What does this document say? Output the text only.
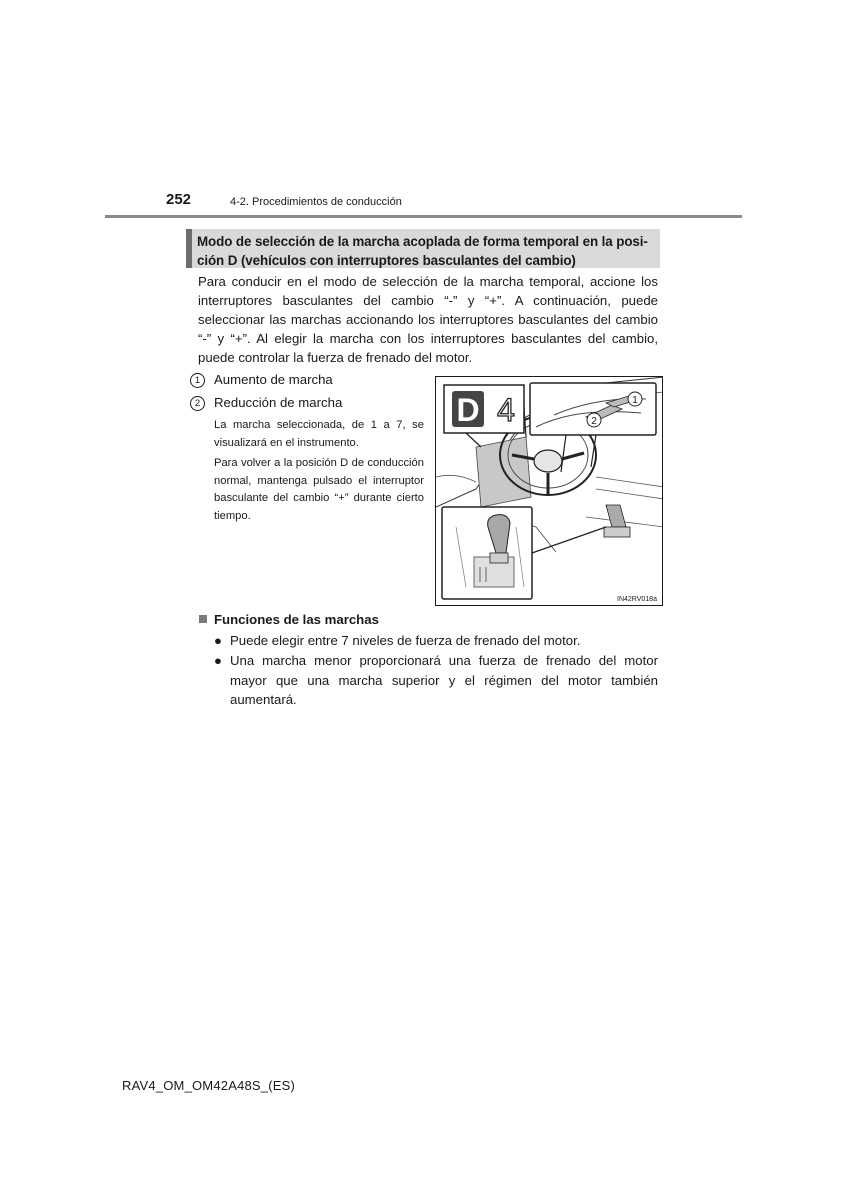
252	4-2. Procedimientos de conducción
Modo de selección de la marcha acoplada de forma temporal en la posi-
ción D (vehículos con interruptores basculantes del cambio)

Para conducir en el modo de selección de la marcha temporal, accione los interruptores basculantes del cambio “-” y “+”. A continuación, puede seleccionar las marchas accionando los interruptores basculantes del cambio “-” y “+”. Al elegir la marcha con los interruptores basculantes del cambio, puede controlar la fuerza de frenado del motor.

1 Aumento de marcha
2 Reducción de marcha

La marcha seleccionada, de 1 a 7, se visualizará en el instrumento.

Para volver a la posición D de conducción normal, mantenga pulsado el interruptor basculante del cambio “+” durante cierto tiempo.

D 4	1
2
IN42RV018a
Funciones de las marchas
● Puede elegir entre 7 niveles de fuerza de frenado del motor.
● Una marcha menor proporcionará una fuerza de frenado del motor mayor que una marcha superior y el régimen del motor también aumentará.
RAV4_OM_OM42A48S_(ES)
